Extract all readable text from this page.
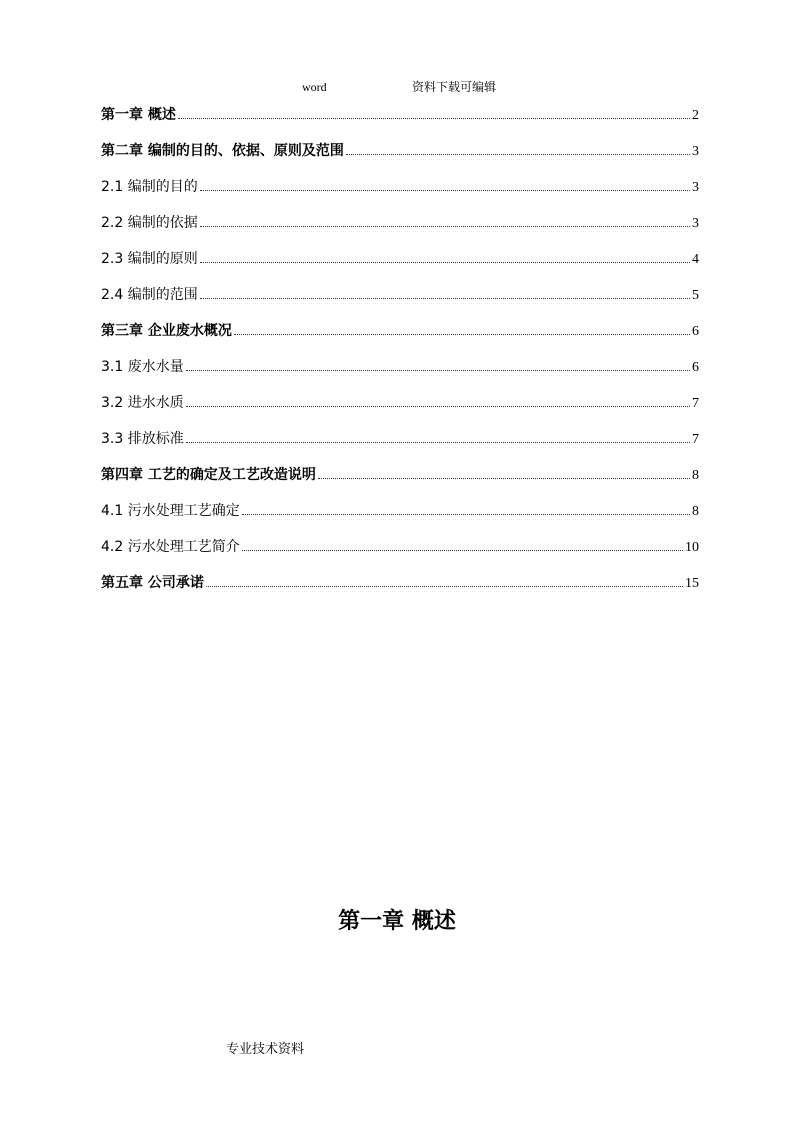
word	资料下载可编辑
第一章 概述	2
第二章 编制的目的、依据、原则及范围	3
2.1 编制的目的	3
2.2 编制的依据	3
2.3 编制的原则	4
2.4 编制的范围	5
第三章 企业废水概况	6
3.1 废水水量	6
3.2 进水水质	7
3.3 排放标准	7
第四章 工艺的确定及工艺改造说明	8
4.1 污水处理工艺确定	8
4.2 污水处理工艺简介	10
第五章 公司承诺	15
第一章 概述
专业技术资料
